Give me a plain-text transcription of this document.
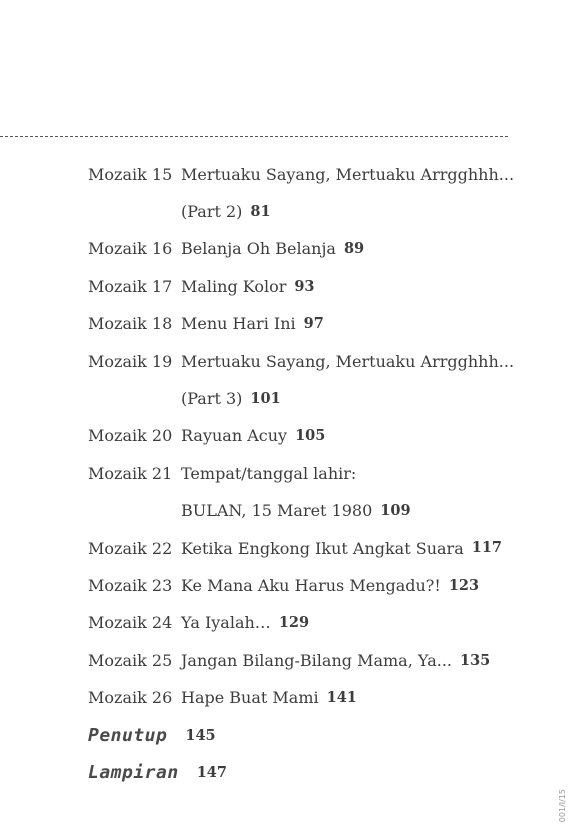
Mozaik 15 Mertuaku Sayang, Mertuaku Arrgghhh...
(Part 2) 81
Mozaik 16 Belanja Oh Belanja 89
Mozaik 17 Maling Kolor 93
Mozaik 18 Menu Hari Ini 97
Mozaik 19 Mertuaku Sayang, Mertuaku Arrgghhh...
(Part 3) 101
Mozaik 20 Rayuan Acuy 105
Mozaik 21 Tempat/tanggal lahir:
BULAN, 15 Maret 1980 109
Mozaik 22 Ketika Engkong Ikut Angkat Suara 117
Mozaik 23 Ke Mana Aku Harus Mengadu?! 123
Mozaik 24 Ya Iyalah… 129
Mozaik 25 Jangan Bilang-Bilang Mama, Ya... 135
Mozaik 26 Hape Buat Mami 141
Penutup 145
Lampiran 147
001/I/15
